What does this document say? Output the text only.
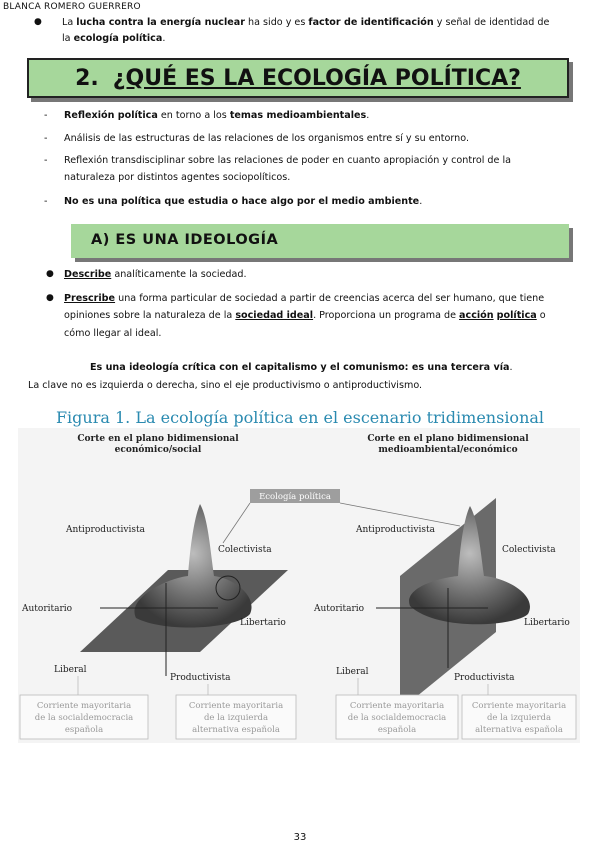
BLANCA ROMERO GUERRERO
● La lucha contra la energía nuclear ha sido y es factor de identificación y señal de identidad de
la ecología política.
2. ¿QUÉ ES LA ECOLOGÍA POLÍTICA?
- Reflexión política en torno a los temas medioambientales.
- Análisis de las estructuras de las relaciones de los organismos entre sí y su entorno.
- Reflexión transdisciplinar sobre las relaciones de poder en cuanto apropiación y control de la
naturaleza por distintos agentes sociopolíticos.
- No es una política que estudia o hace algo por el medio ambiente.
A) ES UNA IDEOLOGÍA
● Describe analíticamente la sociedad.
● Prescribe una forma particular de sociedad a partir de creencias acerca del ser humano, que tiene
opiniones sobre la naturaleza de la sociedad ideal. Proporciona un programa de acción política o
cómo llegar al ideal.
Es una ideología crítica con el capitalismo y el comunismo: es una tercera vía.
La clave no es izquierda o derecha, sino el eje productivismo o antiproductivismo.
Figura 1. La ecología política en el escenario tridimensional
Corte en el plano bidimensional
económico/social
Corte en el plano bidimensional
medioambiental/económico
Ecología política
Antiproductivista
Colectivista
Autoritario
Libertario
Liberal
Productivista
Antiproductivista
Colectivista
Autoritario
Libertario
Liberal
Productivista
Corriente mayoritaria
de la socialdemocracia
española
Corriente mayoritaria
de la izquierda
alternativa española
Corriente mayoritaria
de la socialdemocracia
española
Corriente mayoritaria
de la izquierda
alternativa española
33
